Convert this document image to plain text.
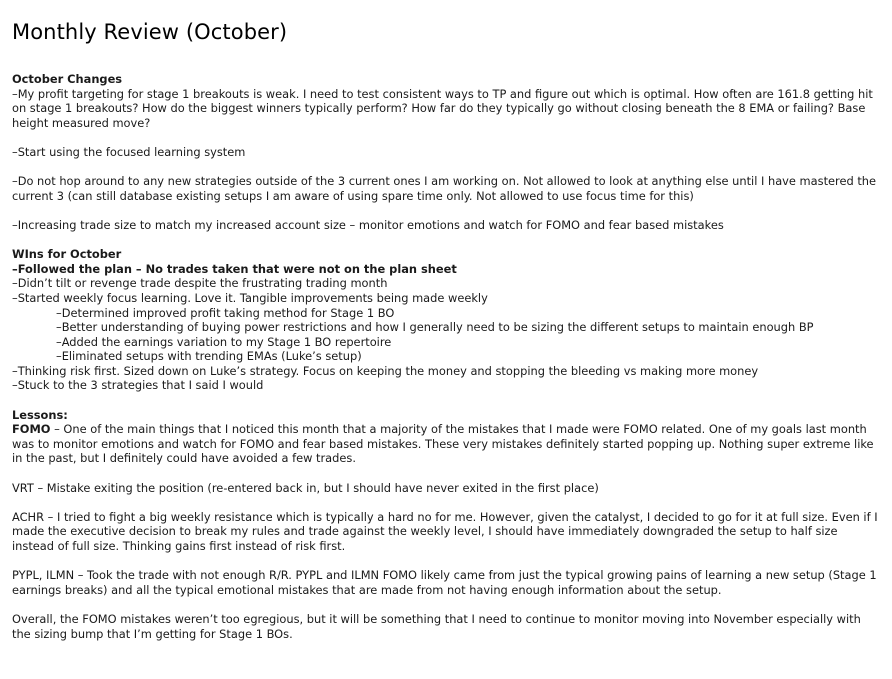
Monthly Review (October)

October Changes

–My profit targeting for stage 1 breakouts is weak. I need to test consistent ways to TP and figure out which is optimal. How often are 161.8 getting hit on stage 1 breakouts? How do the biggest winners typically perform? How far do they typically go without closing beneath the 8 EMA or failing? Base height measured move?

–Start using the focused learning system

–Do not hop around to any new strategies outside of the 3 current ones I am working on. Not allowed to look at anything else until I have mastered the current 3 (can still database existing setups I am aware of using spare time only. Not allowed to use focus time for this)

–Increasing trade size to match my increased account size – monitor emotions and watch for FOMO and fear based mistakes

WIns for October

–Followed the plan – No trades taken that were not on the plan sheet

–Didn’t tilt or revenge trade despite the frustrating trading month

–Started weekly focus learning. Love it. Tangible improvements being made weekly

–Determined improved profit taking method for Stage 1 BO

–Better understanding of buying power restrictions and how I generally need to be sizing the different setups to maintain enough BP

–Added the earnings variation to my Stage 1 BO repertoire

–Eliminated setups with trending EMAs (Luke’s setup)

–Thinking risk first. Sized down on Luke’s strategy. Focus on keeping the money and stopping the bleeding vs making more money

–Stuck to the 3 strategies that I said I would

Lessons:

FOMO – One of the main things that I noticed this month that a majority of the mistakes that I made were FOMO related. One of my goals last month was to monitor emotions and watch for FOMO and fear based mistakes. These very mistakes definitely started popping up. Nothing super extreme like in the past, but I definitely could have avoided a few trades.

VRT – Mistake exiting the position (re-entered back in, but I should have never exited in the first place)

ACHR – I tried to fight a big weekly resistance which is typically a hard no for me. However, given the catalyst, I decided to go for it at full size. Even if I made the executive decision to break my rules and trade against the weekly level, I should have immediately downgraded the setup to half size instead of full size. Thinking gains first instead of risk first.

PYPL, ILMN – Took the trade with not enough R/R. PYPL and ILMN FOMO likely came from just the typical growing pains of learning a new setup (Stage 1 earnings breaks) and all the typical emotional mistakes that are made from not having enough information about the setup.

Overall, the FOMO mistakes weren’t too egregious, but it will be something that I need to continue to monitor moving into November especially with the sizing bump that I’m getting for Stage 1 BOs.
